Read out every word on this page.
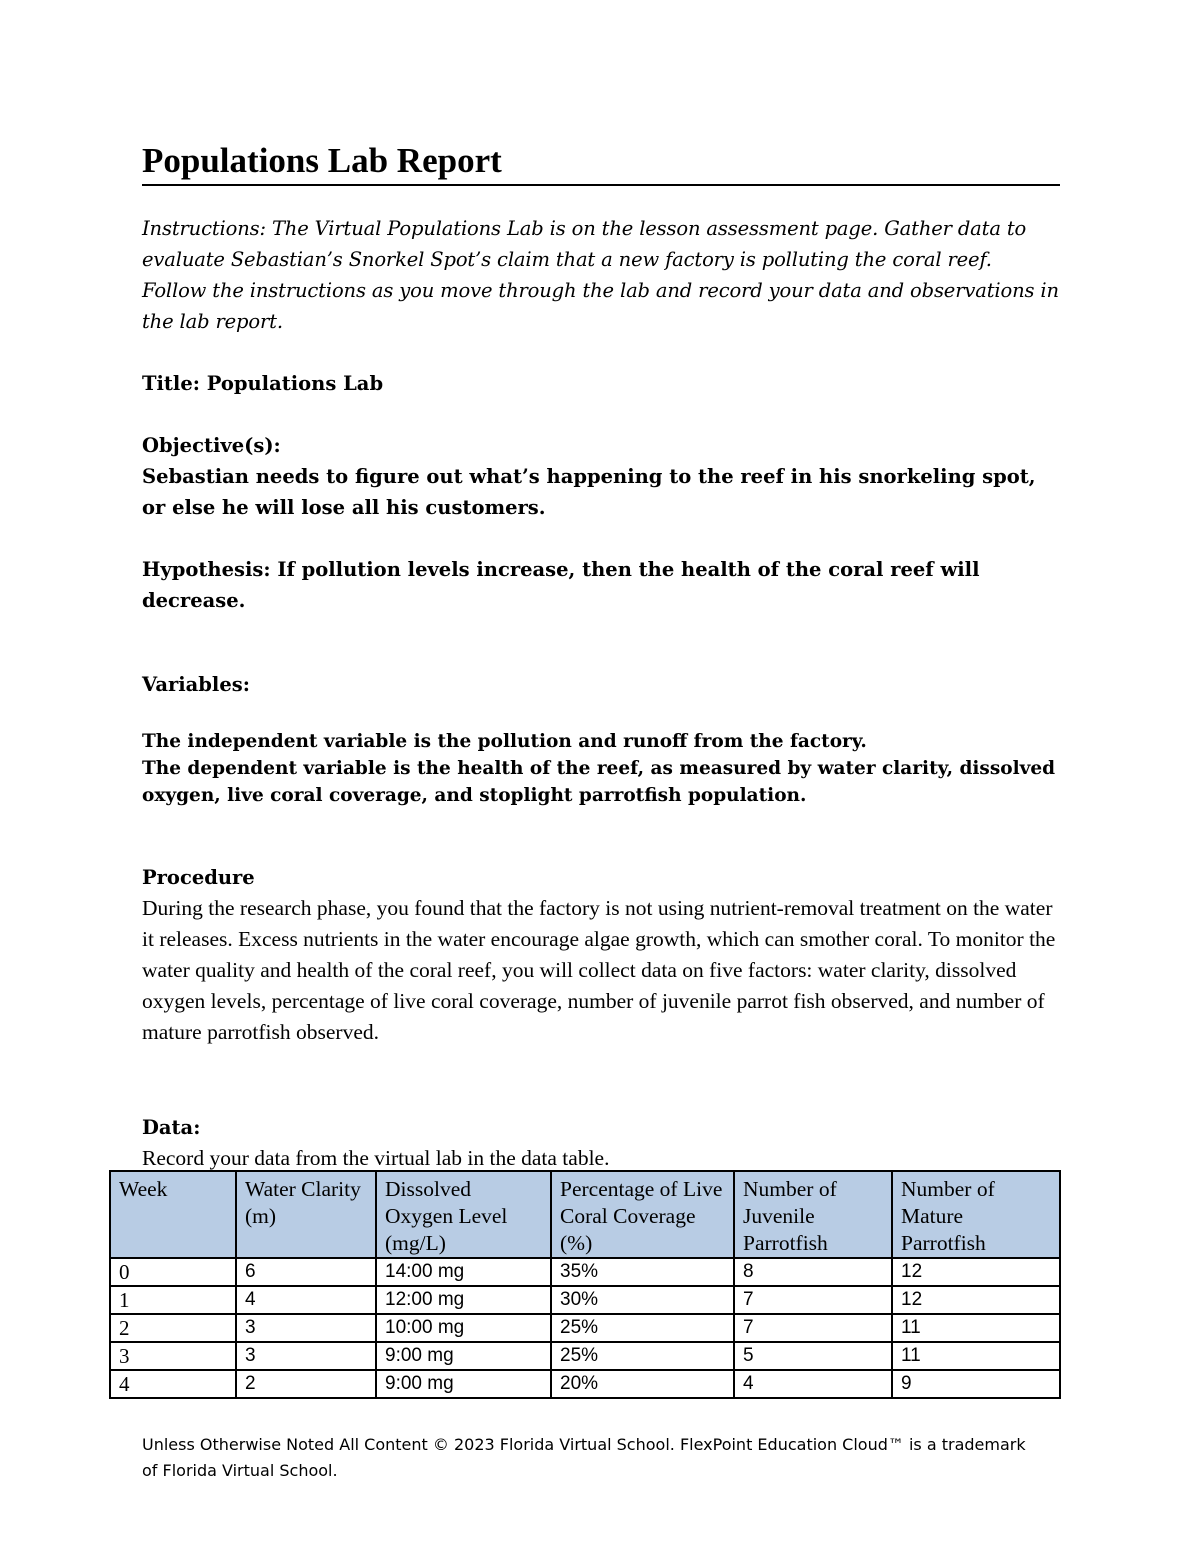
Populations Lab Report
Instructions: The Virtual Populations Lab is on the lesson assessment page. Gather data to evaluate Sebastian’s Snorkel Spot’s claim that a new factory is polluting the coral reef. Follow the instructions as you move through the lab and record your data and observations in the lab report.
Title: Populations Lab
Objective(s):
Sebastian needs to figure out what’s happening to the reef in his snorkeling spot, or else he will lose all his customers.
Hypothesis: If pollution levels increase, then the health of the coral reef will decrease.
Variables:
The independent variable is the pollution and runoff from the factory.
The dependent variable is the health of the reef, as measured by water clarity, dissolved oxygen, live coral coverage, and stoplight parrotfish population.
Procedure
During the research phase, you found that the factory is not using nutrient-removal treatment on the water it releases. Excess nutrients in the water encourage algae growth, which can smother coral. To monitor the water quality and health of the coral reef, you will collect data on five factors: water clarity, dissolved oxygen levels, percentage of live coral coverage, number of juvenile parrot fish observed, and number of mature parrotfish observed.
Data:
Record your data from the virtual lab in the data table.
Week	Water Clarity (m)	Dissolved Oxygen Level (mg/L)	Percentage of Live Coral Coverage (%)	Number of Juvenile Parrotfish	Number of Mature Parrotfish
0	6	14:00 mg	35%	8	12
1	4	12:00 mg	30%	7	12
2	3	10:00 mg	25%	7	11
3	3	9:00 mg	25%	5	11
4	2	9:00 mg	20%	4	9
Unless Otherwise Noted All Content © 2023 Florida Virtual School. FlexPoint Education Cloud™ is a trademark of Florida Virtual School.
